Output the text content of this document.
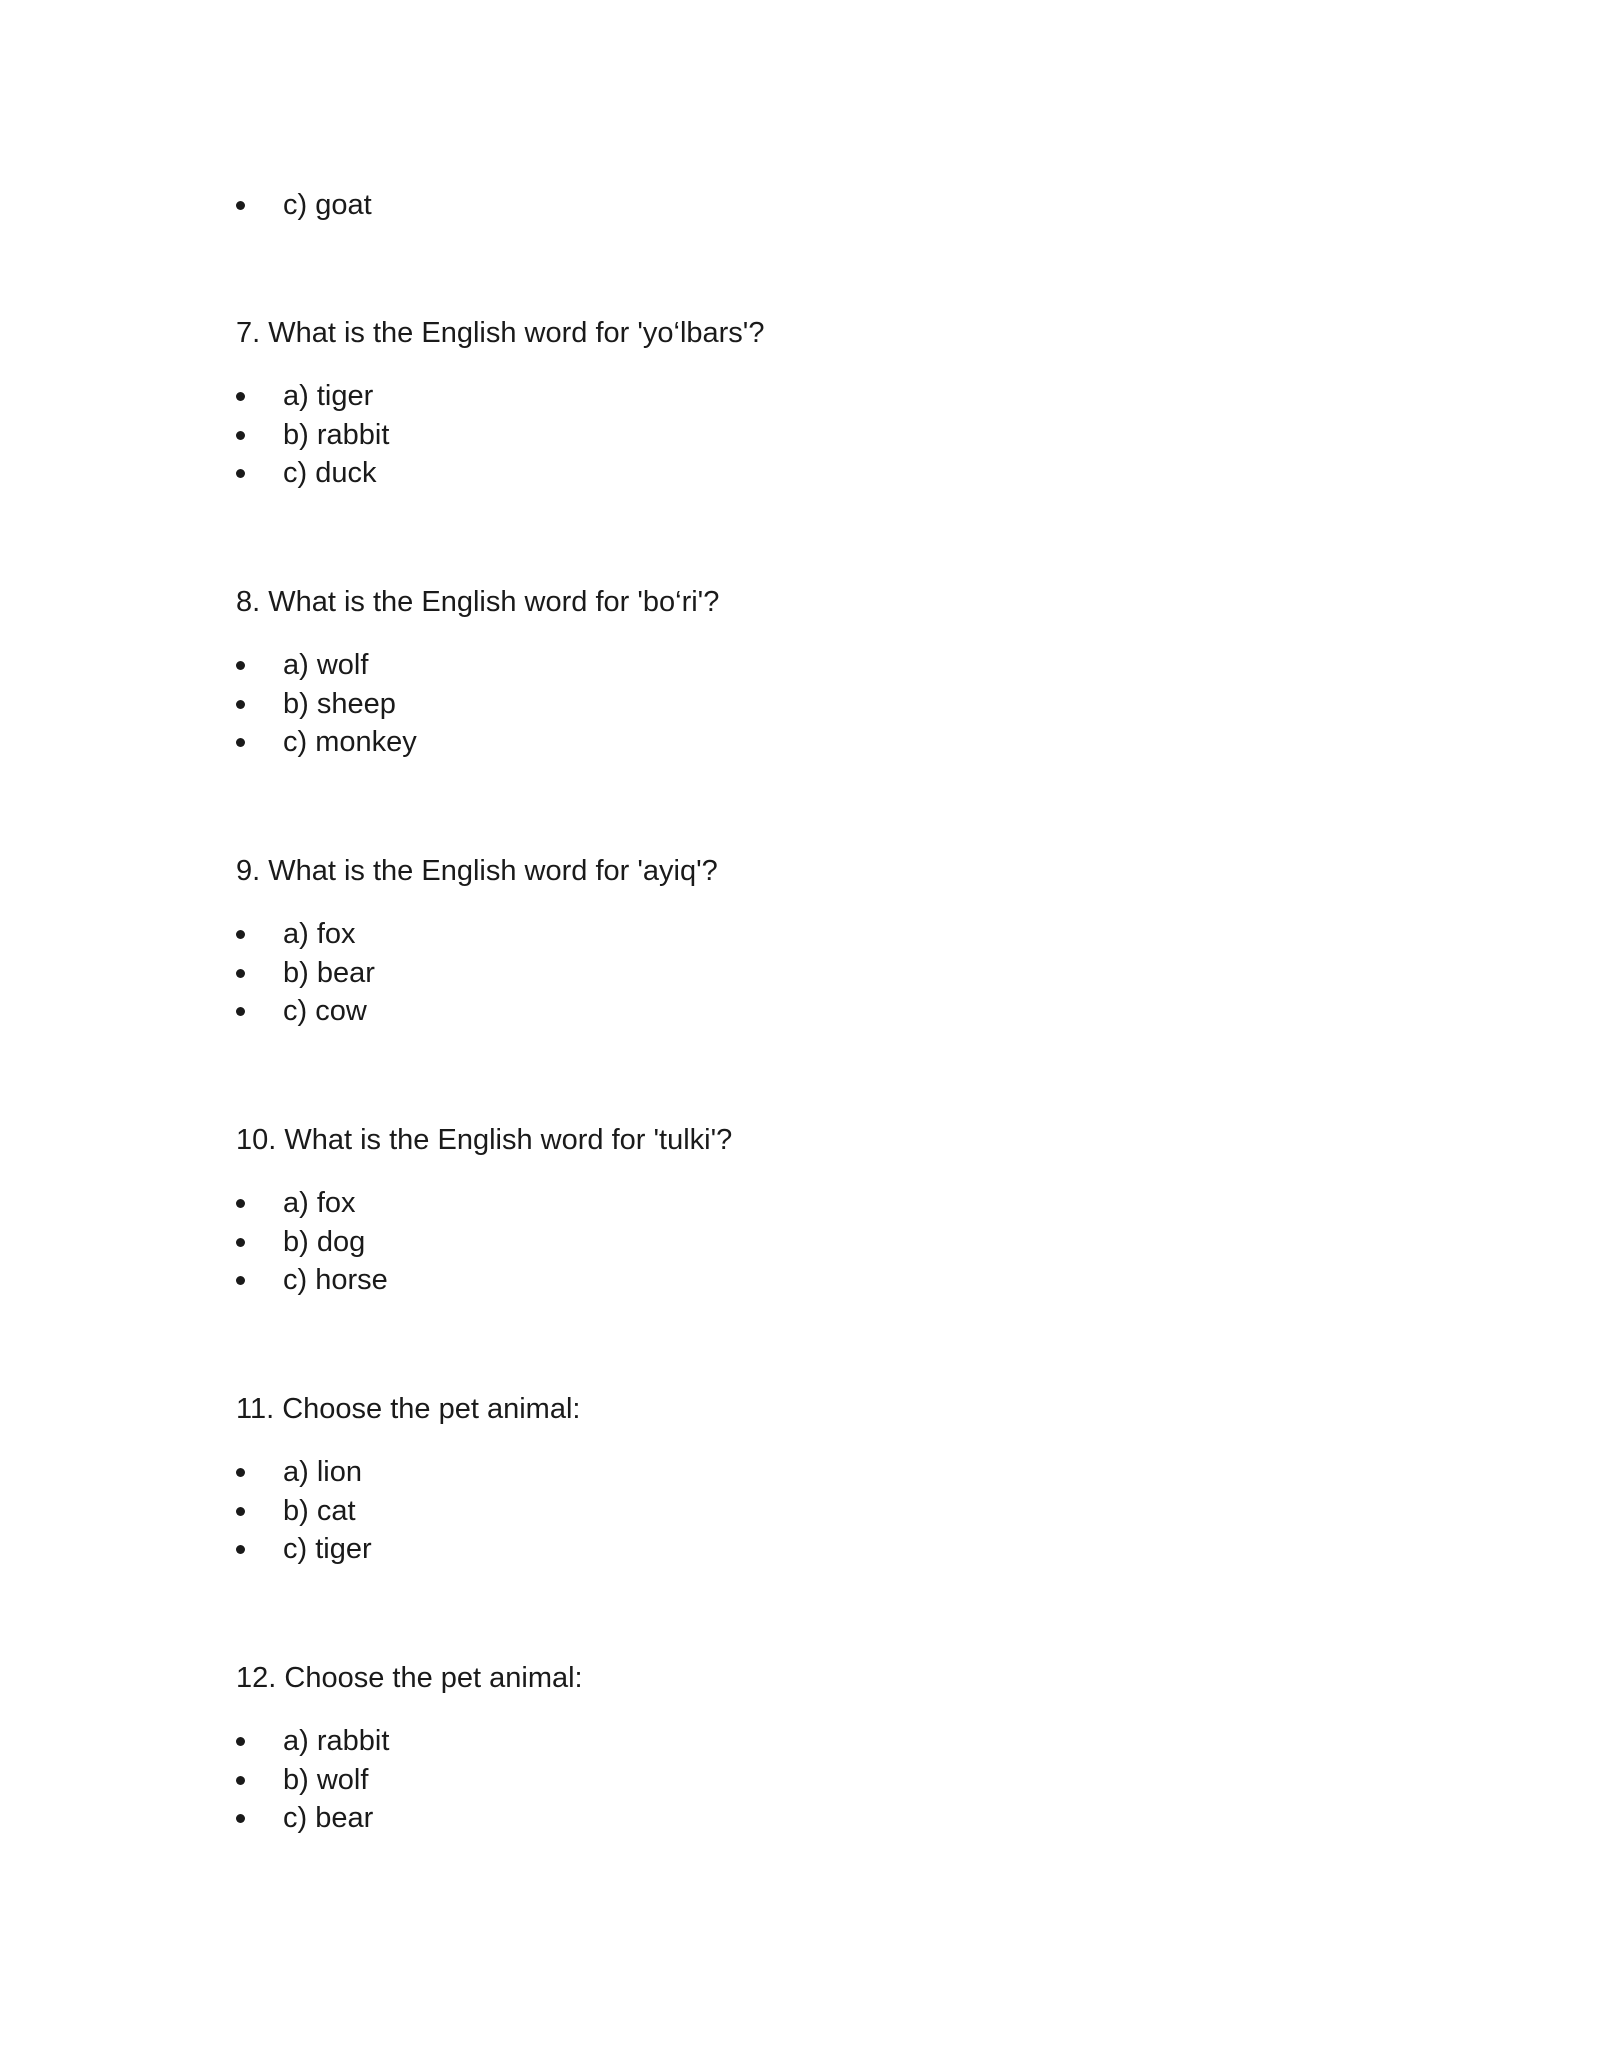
c) goat

7. What is the English word for 'yo‘lbars'?

a) tiger
b) rabbit
c) duck

8. What is the English word for 'bo‘ri'?

a) wolf
b) sheep
c) monkey

9. What is the English word for 'ayiq'?

a) fox
b) bear
c) cow

10. What is the English word for 'tulki'?

a) fox
b) dog
c) horse

11. Choose the pet animal:

a) lion
b) cat
c) tiger

12. Choose the pet animal:

a) rabbit
b) wolf
c) bear
